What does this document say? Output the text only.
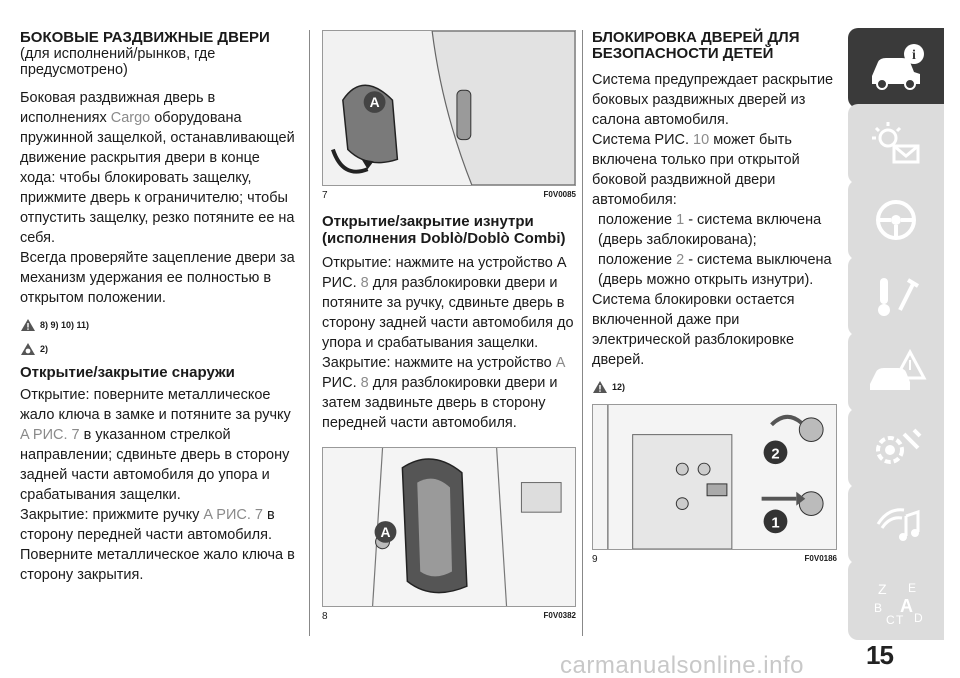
БОКОВЫЕ РАЗДВИЖНЫЕ ДВЕРИ

(для исполнений/рынков, где предусмотрено)

Боковая раздвижная дверь в исполнениях Cargo оборудована пружинной защелкой, останавливающей движение раскрытия двери в конце хода: чтобы блокировать защелку, прижмите дверь к ограничителю; чтобы отпустить защелку, резко потяните ее на себя.

Всегда проверяйте зацепление двери за механизм удержания ее полностью в открытом положении.

8) 9) 10) 11)
2)
Открытие/закрытие снаружи

Открытие: поверните металлическое жало ключа в замке и потяните за ручку A РИС. 7 в указанном стрелкой направлении; сдвиньте дверь в сторону задней части автомобиля до упора и срабатывания защелки.

Закрытие: прижмите ручку A РИС. 7 в сторону передней части автомобиля. Поверните металлическое жало ключа в сторону закрытия.

A
7	F0V0085
Открытие/закрытие изнутри (исполнения Doblò/Doblò Combi)

Открытие: нажмите на устройство A РИС. 8 для разблокировки двери и потяните за ручку, сдвиньте дверь в сторону задней части автомобиля до упора и срабатывания защелки.

Закрытие: нажмите на устройство A РИС. 8 для разблокировки двери и затем задвиньте дверь в сторону передней части автомобиля.

A
8	F0V0382
БЛОКИРОВКА ДВЕРЕЙ ДЛЯ БЕЗОПАСНОСТИ ДЕТЕЙ

Система предупреждает раскрытие боковых раздвижных дверей из салона автомобиля.

Система РИС. 10 может быть включена только при открытой боковой раздвижной двери автомобиля:

положение 1 - система включена (дверь заблокирована);

положение 2 - система выключена (дверь можно открыть изнутри).

Система блокировки остается включенной даже при электрической разблокировке дверей.

12)
1
2
9	F0V0186
i
Z E
B A
C T D
15
carmanualsonline.info
